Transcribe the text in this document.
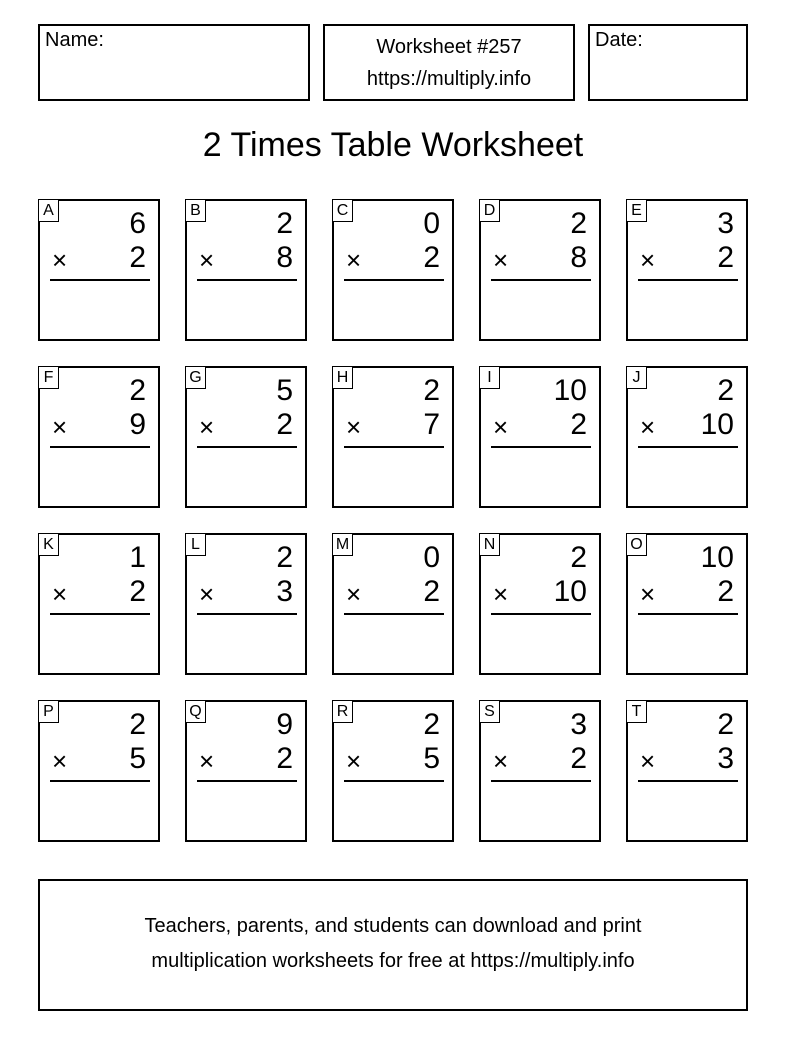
Name:	Worksheet #257
https://multiply.info
Date:
2 Times Table Worksheet
A	6
× 2
B	2
× 8
C	0
× 2
D	2
× 8
E	3
× 2
F	2
× 9
G 5
× 2
H	2
× 7
I 10
× 2
J	2
× 10
K	1
× 2
L	2
× 3
M 0
× 2
N	2
× 10
O 10
× 2
P	2
× 5
Q 9
× 2
R	2
× 5
S	3
× 2
T	2
× 3
Teachers, parents, and students can download and print
multiplication worksheets for free at https://multiply.info
